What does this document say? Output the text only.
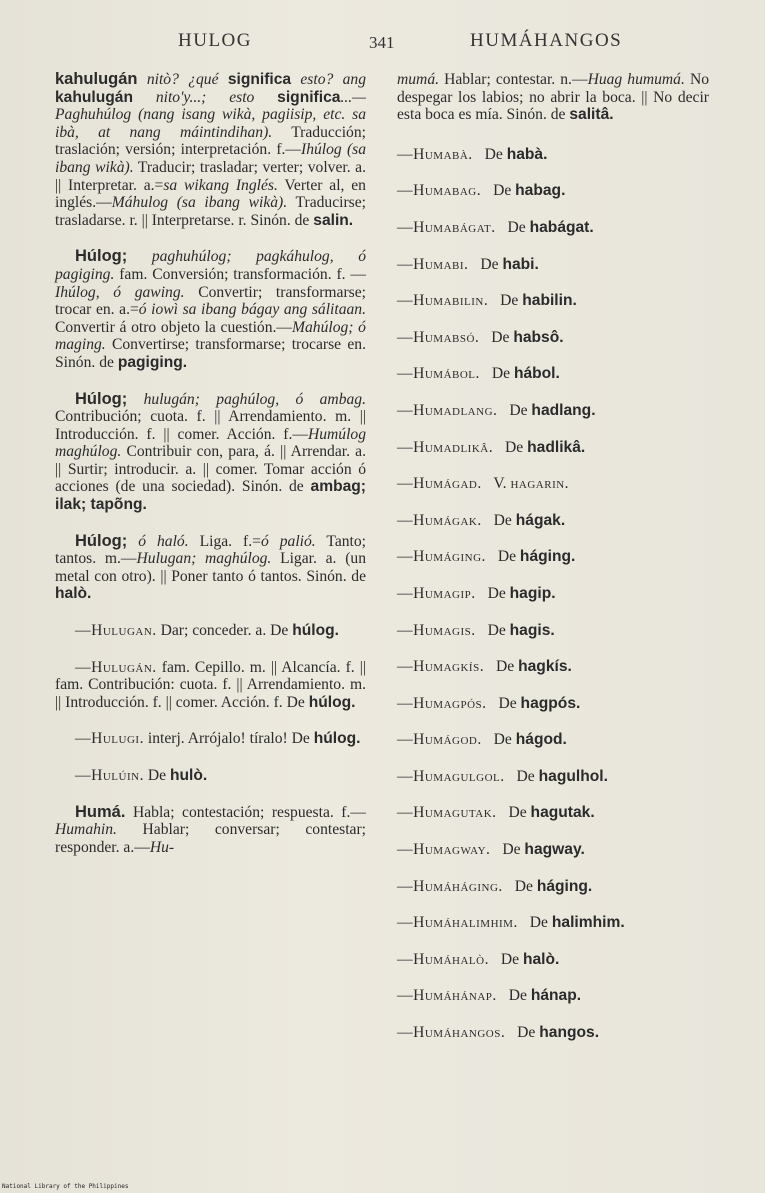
HULOG	341	HUMÁHANGOS

kahulugán nitò? ¿qué significa esto? ang kahulugán nito'y...; esto significa...—Paghuhúlog (nang isang wikà, pagiisip, etc. sa ibà, at nang máintindihan). Traducción; traslación; versión; interpretación. f.—Ihúlog (sa ibang wikà). Traducir; trasladar; verter; volver. a. || Interpretar. a.=sa wikang Inglés. Verter al, en inglés.—Máhulog (sa ibang wikà). Traducirse; trasladarse. r. || Interpretarse. r. Sinón. de salin.

Húlog; paghuhúlog; pagkáhulog, ó pagiging. fam. Conversión; transformación. f. —Ihúlog, ó gawing. Convertir; transformarse; trocar en. a.=ó iowì sa ibang bágay ang sálitaan. Convertir á otro objeto la cuestión.—Mahúlog; ó maging. Convertirse; transformarse; trocarse en. Sinón. de pagiging.

Húlog; hulugán; paghúlog, ó ambag. Contribución; cuota. f. || Arrendamiento. m. || Introducción. f. || comer. Acción. f.—Humúlog maghúlog. Contribuir con, para, á. || Arrendar. a. || Surtir; introducir. a. || comer. Tomar acción ó acciones (de una sociedad). Sinón. de ambag; ilak; tapõng.

Húlog; ó haló. Liga. f.=ó palió. Tanto; tantos. m.—Hulugan; maghúlog. Ligar. a. (un metal con otro). || Poner tanto ó tantos. Sinón. de halò.

—Hulugan. Dar; conceder. a. De húlog.

—Hulugán. fam. Cepillo. m. || Alcancía. f. || fam. Contribución: cuota. f. || Arrendamiento. m. || Introducción. f. || comer. Acción. f. De húlog.

—Hulugi. interj. Arrójalo! tíralo! De húlog.

—Hulúin. De hulò.

Humá. Habla; contestación; respuesta. f.—Humahin. Hablar; conversar; contestar; responder. a.—Hu-

mumá. Hablar; contestar. n.—Huag humumá. No despegar los labios; no abrir la boca. || No decir esta boca es mía. Sinón. de salitâ.

—Humabà. De habà.

—Humabag. De habag.

—Humabágat. De habágat.

—Humabi. De habi.

—Humabilin. De habilin.

—Humabsó. De habsô.

—Humábol. De hábol.

—Humadlang. De hadlang.

—Humadlikâ. De hadlikâ.

—Humágad. V. hagarin.

—Humágak. De hágak.

—Humáging. De háging.

—Humagip. De hagip.

—Humagis. De hagis.

—Humagkís. De hagkís.

—Humagpós. De hagpós.

—Humágod. De hágod.

—Humagulgol. De hagulhol.

—Humagutak. De hagutak.

—Humagway. De hagway.

—Humáháging. De háging.

—Humáhalimhim. De halimhim.

—Humáhalò. De halò.

—Humáhánap. De hánap.

—Humáhangos. De hangos.

National Library of the Philippines
